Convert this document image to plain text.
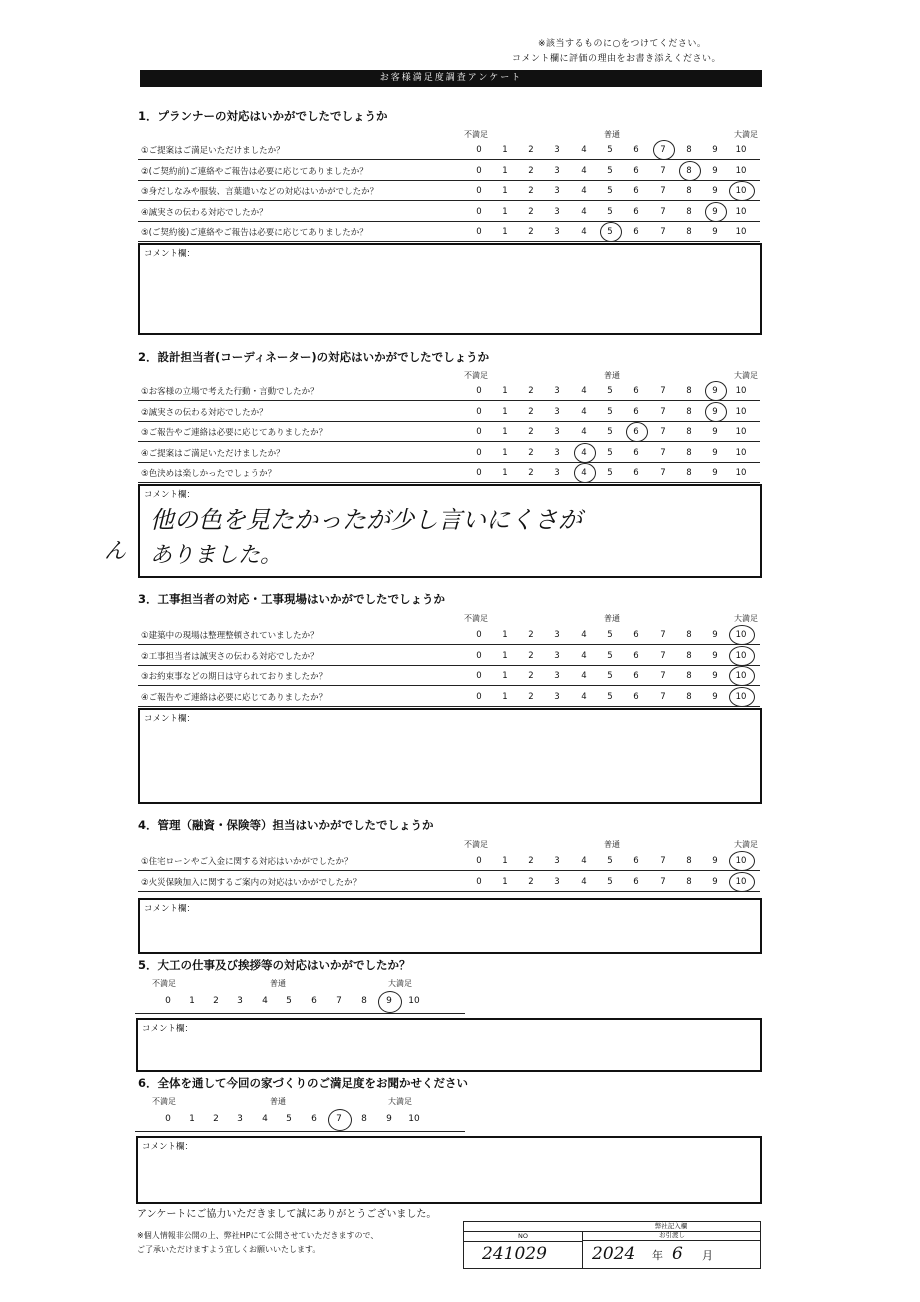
※該当するものに○をつけてください。
コメント欄に評価の理由をお書き添えください。
お客様満足度調査アンケート
1．プランナーの対応はいかがでしたでしょうか
不満足	普通	大満足
①ご提案はご満足いただけましたか？	0	1	2	3	4	5	6	7	8	9	10
②(ご契約前)ご連絡やご報告は必要に応じてありましたか？	0	1	2	3	4	5	6	7	8	9	10
③身だしなみや服装、言葉遣いなどの対応はいかがでしたか？	0	1	2	3	4	5	6	7	8	9	10
④誠実さの伝わる対応でしたか？	0	1	2	3	4	5	6	7	8	9	10
⑤(ご契約後)ご連絡やご報告は必要に応じてありましたか？	0	1	2	3	4	5	6	7	8	9	10
コメント欄：
2．設計担当者(コーディネーター)の対応はいかがでしたでしょうか
不満足	普通	大満足
①お客様の立場で考えた行動・言動でしたか？	0	1	2	3	4	5	6	7	8	9	10
②誠実さの伝わる対応でしたか？	0	1	2	3	4	5	6	7	8	9	10
③ご報告やご連絡は必要に応じてありましたか？	0	1	2	3	4	5	6	7	8	9	10
④ご提案はご満足いただけましたか？	0	1	2	3	4	5	6	7	8	9	10
⑤色決めは楽しかったでしょうか？	0	1	2	3	4	5	6	7	8	9	10
コメント欄：
他の色を見たかったが少し言いにくさが
ありました。
ん
3．工事担当者の対応・工事現場はいかがでしたでしょうか
不満足	普通	大満足
①建築中の現場は整理整頓されていましたか？	0	1	2	3	4	5	6	7	8	9	10
②工事担当者は誠実さの伝わる対応でしたか？	0	1	2	3	4	5	6	7	8	9	10
③お約束事などの期日は守られておりましたか？	0	1	2	3	4	5	6	7	8	9	10
④ご報告やご連絡は必要に応じてありましたか？	0	1	2	3	4	5	6	7	8	9	10
コメント欄：
4．管理（融資・保険等）担当はいかがでしたでしょうか
不満足	普通	大満足
①住宅ローンやご入金に関する対応はいかがでしたか？	0	1	2	3	4	5	6	7	8	9	10
②火災保険加入に関するご案内の対応はいかがでしたか？	0	1	2	3	4	5	6	7	8	9	10
コメント欄：
5．大工の仕事及び挨拶等の対応はいかがでしたか？
不満足	普通	大満足
0	1	2	3	4	5	6	7	8	9	10
コメント欄：
6．全体を通して今回の家づくりのご満足度をお聞かせください
不満足	普通	大満足
0	1	2	3	4	5	6	7	8	9	10
コメント欄：
アンケートにご協力いただきまして誠にありがとうございました。
※個人情報非公開の上、弊社HPにて公開させていただきますので、
ご了承いただけますよう宜しくお願いいたします。
弊社記入欄
NO	お引渡し
241029	2024 年 6 月
